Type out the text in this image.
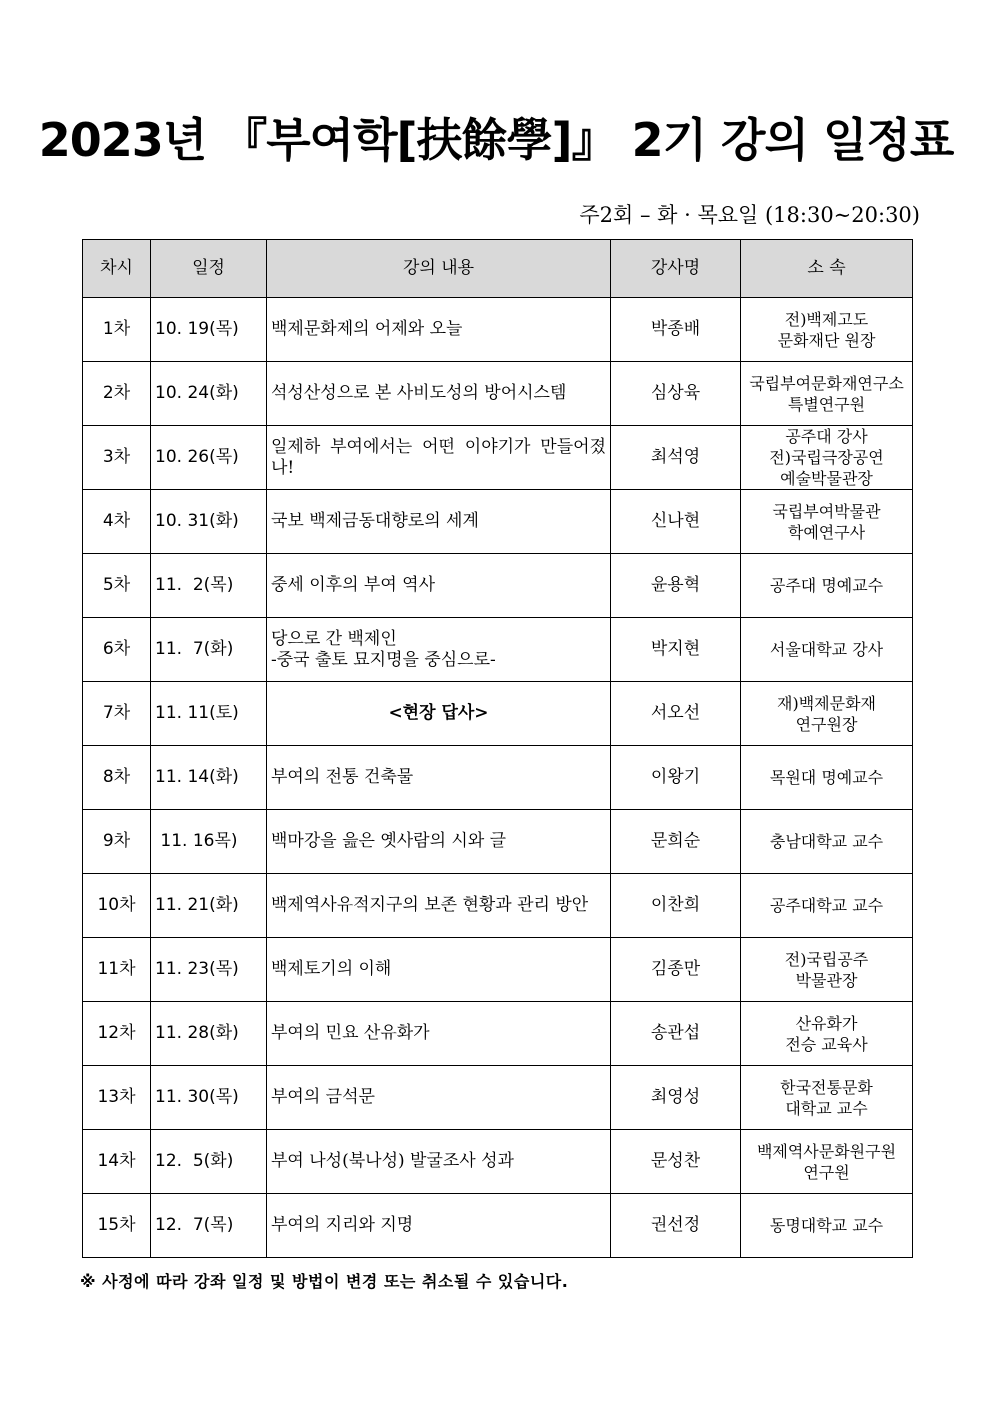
2023년 『부여학[扶餘學]』 2기 강의 일정표
주2회 – 화 · 목요일 (18:30∼20:30)
차시	일정	강의 내용	강사명	소 속
1차	10. 19(목)	백제문화제의 어제와 오늘	박종배	전)백제고도
문화재단 원장
2차	10. 24(화)	석성산성으로 본 사비도성의 방어시스템	심상육	국립부여문화재연구소
특별연구원
3차	10. 26(목)	일제하 부여에서는 어떤 이야기가 만들어졌나!	최석영	공주대 강사
전)국립극장공연
예술박물관장
4차	10. 31(화)	국보 백제금동대향로의 세계	신나현	국립부여박물관
학예연구사
5차	11.  2(목)	중세 이후의 부여 역사	윤용혁	공주대 명예교수
6차	11.  7(화)	당으로 간 백제인
-중국 출토 묘지명을 중심으로-	박지현	서울대학교 강사
7차	11. 11(토)	<현장 답사>	서오선	재)백제문화재
연구원장
8차	11. 14(화)	부여의 전통 건축물	이왕기	목원대 명예교수
9차	11. 16목)	백마강을 읊은 옛사람의 시와 글	문희순	충남대학교 교수
10차	11. 21(화)	백제역사유적지구의 보존 현황과 관리 방안	이찬희	공주대학교 교수
11차	11. 23(목)	백제토기의 이해	김종만	전)국립공주
박물관장
12차	11. 28(화)	부여의 민요 산유화가	송관섭	산유화가
전승 교육사
13차	11. 30(목)	부여의 금석문	최영성	한국전통문화
대학교 교수
14차	12.  5(화)	부여 나성(북나성) 발굴조사 성과	문성찬	백제역사문화원구원
연구원
15차	12.  7(목)	부여의 지리와 지명	권선정	동명대학교 교수
※ 사정에 따라 강좌 일정 및 방법이 변경 또는 취소될 수 있습니다.
